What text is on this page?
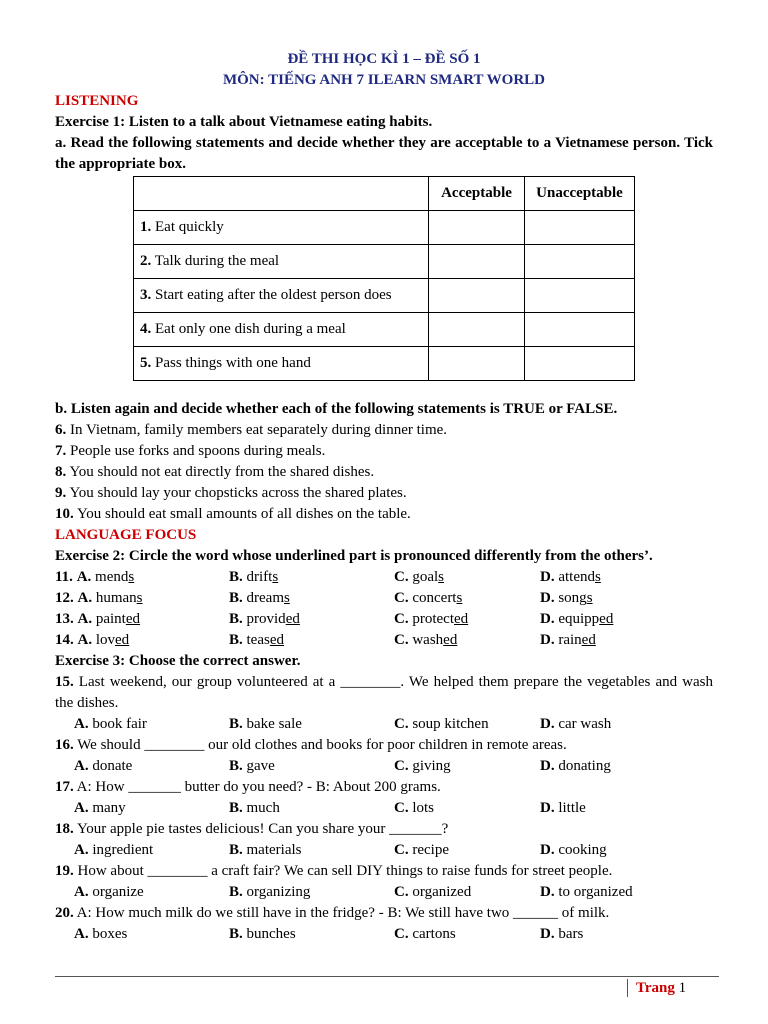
ĐỀ THI HỌC KÌ 1 – ĐỀ SỐ 1
MÔN: TIẾNG ANH 7 ILEARN SMART WORLD
LISTENING

Exercise 1: Listen to a talk about Vietnamese eating habits.

a. Read the following statements and decide whether they are acceptable to a Vietnamese person. Tick the appropriate box.

	Acceptable	Unacceptable
1. Eat quickly		
2. Talk during the meal		
3. Start eating after the oldest person does		
4. Eat only one dish during a meal		
5. Pass things with one hand		

b. Listen again and decide whether each of the following statements is TRUE or FALSE.

6. In Vietnam, family members eat separately during dinner time.

7. People use forks and spoons during meals.

8. You should not eat directly from the shared dishes.

9. You should lay your chopsticks across the shared plates.

10. You should eat small amounts of all dishes on the table.

LANGUAGE FOCUS

Exercise 2: Circle the word whose underlined part is pronounced differently from the others’.

11. A. mends	B. drifts	C. goals	D. attends
12. A. humans	B. dreams	C. concerts	D. songs
13. A. painted	B. provided	C. protected	D. equipped
14. A. loved	B. teased	C. washed	D. rained

Exercise 3: Choose the correct answer.

15. Last weekend, our group volunteered at a ________. We helped them prepare the vegetables and wash the dishes.

A. book fair	B. bake sale	C. soup kitchen	D. car wash

16. We should ________ our old clothes and books for poor children in remote areas.

A. donate	B. gave	C. giving	D. donating

17. A: How _______ butter do you need? - B: About 200 grams.

A. many	B. much	C. lots	D. little

18. Your apple pie tastes delicious! Can you share your _______?

A. ingredient	B. materials	C. recipe	D. cooking

19. How about ________ a craft fair? We can sell DIY things to raise funds for street people.

A. organize	B. organizing	C. organized	D. to organized

20. A: How much milk do we still have in the fridge? - B: We still have two ______ of milk.

A. boxes	B. bunches	C. cartons	D. bars
Trang 1
